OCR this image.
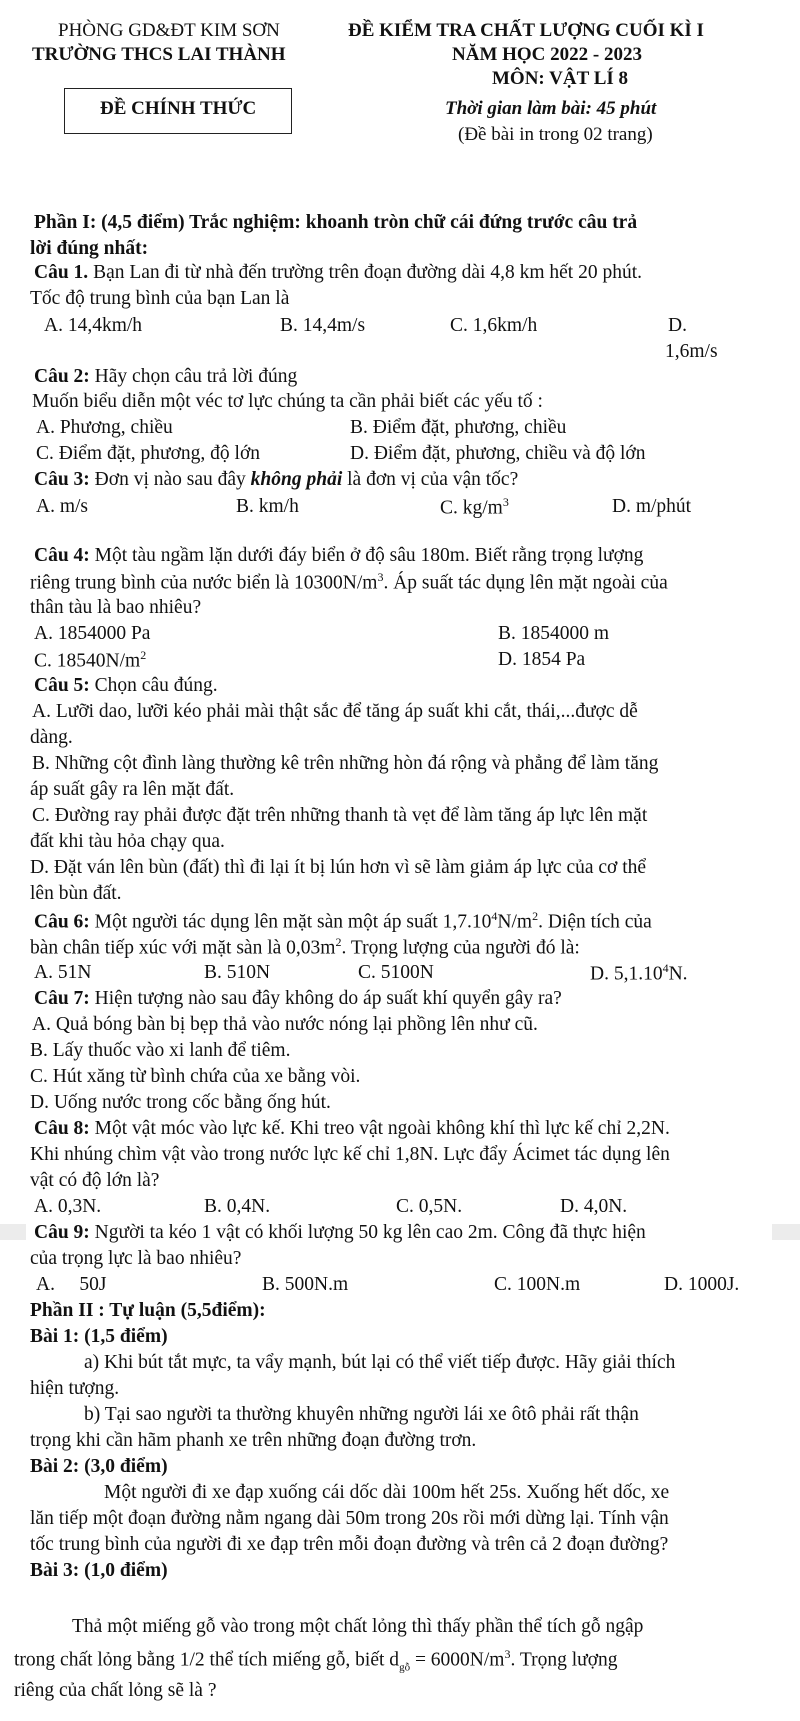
PHÒNG GD&ĐT KIM SƠN
TRƯỜNG THCS LAI THÀNH
ĐỀ CHÍNH THỨC
ĐỀ KIỂM TRA CHẤT LƯỢNG CUỐI KÌ I
NĂM HỌC 2022 - 2023
MÔN: VẬT LÍ 8
Thời gian làm bài: 45 phút
(Đề bài in trong 02 trang)
Phần I: (4,5 điểm) Trắc nghiệm: khoanh tròn chữ cái đứng trước câu trả
lời đúng nhất:
Câu 1. Bạn Lan đi từ nhà đến trường trên đoạn đường dài 4,8 km hết 20 phút.
Tốc độ trung bình của bạn Lan là
A. 14,4km/h	B. 14,4m/s	C. 1,6km/h	D.
1,6m/s
Câu 2: Hãy chọn câu trả lời đúng
Muốn biểu diễn một véc tơ lực chúng ta cần phải biết các yếu tố :
A. Phương, chiều	B. Điểm đặt, phương, chiều
C. Điểm đặt, phương, độ lớn	D. Điểm đặt, phương, chiều và độ lớn
Câu 3: Đơn vị nào sau đây không phải là đơn vị của vận tốc?
A. m/s	B. km/h	C. $kg/m^3$	D. m/phút
Câu 4: Một tàu ngầm lặn dưới đáy biển ở độ sâu 180m. Biết rằng trọng lượng
riêng trung bình của nước biển là $10300N/m^3$. Áp suất tác dụng lên mặt ngoài của
thân tàu là bao nhiêu?
A. 1854000 Pa	B. 1854000 m
C. $18540N/m^2$	D. 1854 Pa
Câu 5: Chọn câu đúng.
A. Lưỡi dao, lưỡi kéo phải mài thật sắc để tăng áp suất khi cắt, thái,...được dễ
dàng.
B. Những cột đình làng thường kê trên những hòn đá rộng và phẳng để làm tăng
áp suất gây ra lên mặt đất.
C. Đường ray phải được đặt trên những thanh tà vẹt để làm tăng áp lực lên mặt
đất khi tàu hỏa chạy qua.
D. Đặt ván lên bùn (đất) thì đi lại ít bị lún hơn vì sẽ làm giảm áp lực của cơ thể
lên bùn đất.
Câu 6: Một người tác dụng lên mặt sàn một áp suất $1,7.10^4N/m^2$. Diện tích của
bàn chân tiếp xúc với mặt sàn là $0,03m^2$. Trọng lượng của người đó là:
A. 51N	B. 510N	C. 5100N	D. 5,1.10$^4$N.
Câu 7: Hiện tượng nào sau đây không do áp suất khí quyển gây ra?
A. Quả bóng bàn bị bẹp thả vào nước nóng lại phồng lên như cũ.
B. Lấy thuốc vào xi lanh để tiêm.
C. Hút xăng từ bình chứa của xe bằng vòi.
D. Uống nước trong cốc bằng ống hút.
Câu 8: Một vật móc vào lực kế. Khi treo vật ngoài không khí thì lực kế chỉ 2,2N.
Khi nhúng chìm vật vào trong nước lực kế chỉ 1,8N. Lực đẩy Ácimet tác dụng lên
vật có độ lớn là?
A. 0,3N.	B. 0,4N.	C. 0,5N.	D. 4,0N.
Câu 9: Người ta kéo 1 vật có khối lượng 50 kg lên cao 2m. Công đã thực hiện
của trọng lực là bao nhiêu?
A.     50J	B. 500N.m	C. 100N.m	D. 1000J.
Phần II : Tự luận (5,5điểm):
Bài 1: (1,5 điểm)
a) Khi bút tắt mực, ta vẩy mạnh, bút lại có thể viết tiếp được. Hãy giải thích
hiện tượng.
b) Tại sao người ta thường khuyên những người lái xe ôtô phải rất thận
trọng khi cần hãm phanh xe trên những đoạn đường trơn.
Bài 2: (3,0 điểm)
Một người đi xe đạp xuống cái dốc dài 100m hết 25s. Xuống hết dốc, xe
lăn tiếp một đoạn đường nằm ngang dài 50m trong 20s rồi mới dừng lại. Tính vận
tốc trung bình của người đi xe đạp trên mỗi đoạn đường và trên cả 2 đoạn đường?
Bài 3: (1,0 điểm)
Thả một miếng gỗ vào trong một chất lỏng thì thấy phần thể tích gỗ ngập
trong chất lỏng bằng 1/2 thể tích miếng gỗ, biết $d_{gỗ} = 6000N/m^3$. Trọng lượng
riêng của chất lỏng sẽ là ?
